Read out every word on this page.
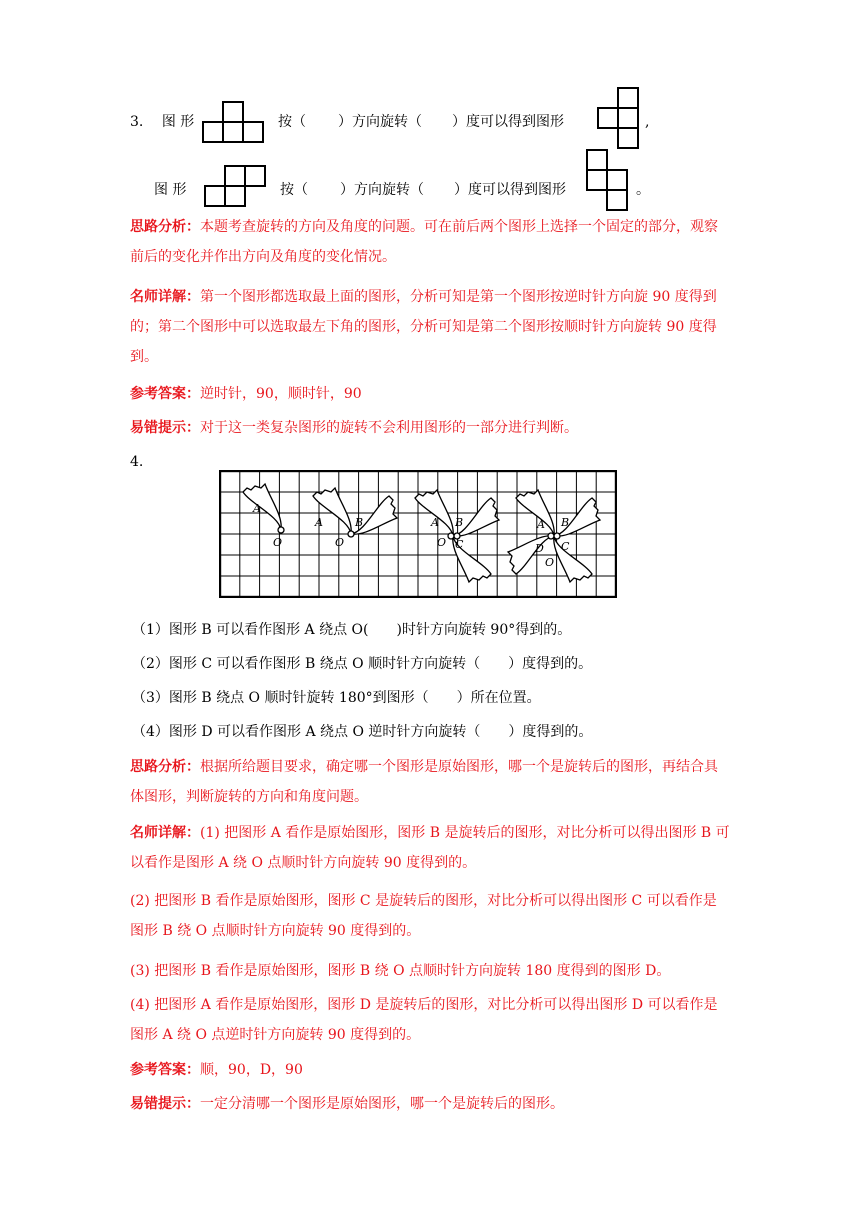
3. 图 形	按（ ）方向旋转（ ）度可以得到图形	,
图 形	按（ ）方向旋转（ ）度可以得到图形	。
思路分析：本题考查旋转的方向及角度的问题。可在前后两个图形上选择一个固定的部分，观察前后的变化并作出方向及角度的变化情况。
名师详解：第一个图形都选取最上面的图形，分析可知是第一个图形按逆时针方向旋 90 度得到的；第二个图形中可以选取最左下角的图形，分析可知是第二个图形按顺时针方向旋转 90 度得到。
参考答案：逆时针，90，顺时针，90
易错提示：对于这一类复杂图形的旋转不会利用图形的一部分进行判断。
4.
A
O
A
O
B	A B
O C
A B
D C
O
（1）图形 B 可以看作图形 A 绕点 O(　　)时针方向旋转 90°得到的。
（2）图形 C 可以看作图形 B 绕点 O 顺时针方向旋转（　　）度得到的。
（3）图形 B 绕点 O 顺时针旋转 180°到图形（　　）所在位置。
（4）图形 D 可以看作图形 A 绕点 O 逆时针方向旋转（　　）度得到的。
思路分析：根据所给题目要求，确定哪一个图形是原始图形，哪一个是旋转后的图形，再结合具体图形，判断旋转的方向和角度问题。
名师详解：(1) 把图形 A 看作是原始图形，图形 B 是旋转后的图形，对比分析可以得出图形 B 可以看作是图形 A 绕 O 点顺时针方向旋转 90 度得到的。
(2) 把图形 B 看作是原始图形，图形 C 是旋转后的图形，对比分析可以得出图形 C 可以看作是图形 B 绕 O 点顺时针方向旋转 90 度得到的。
(3) 把图形 B 看作是原始图形，图形 B 绕 O 点顺时针方向旋转 180 度得到的图形 D。
(4) 把图形 A 看作是原始图形，图形 D 是旋转后的图形，对比分析可以得出图形 D 可以看作是图形 A 绕 O 点逆时针方向旋转 90 度得到的。
参考答案：顺，90，D，90
易错提示：一定分清哪一个图形是原始图形，哪一个是旋转后的图形。
